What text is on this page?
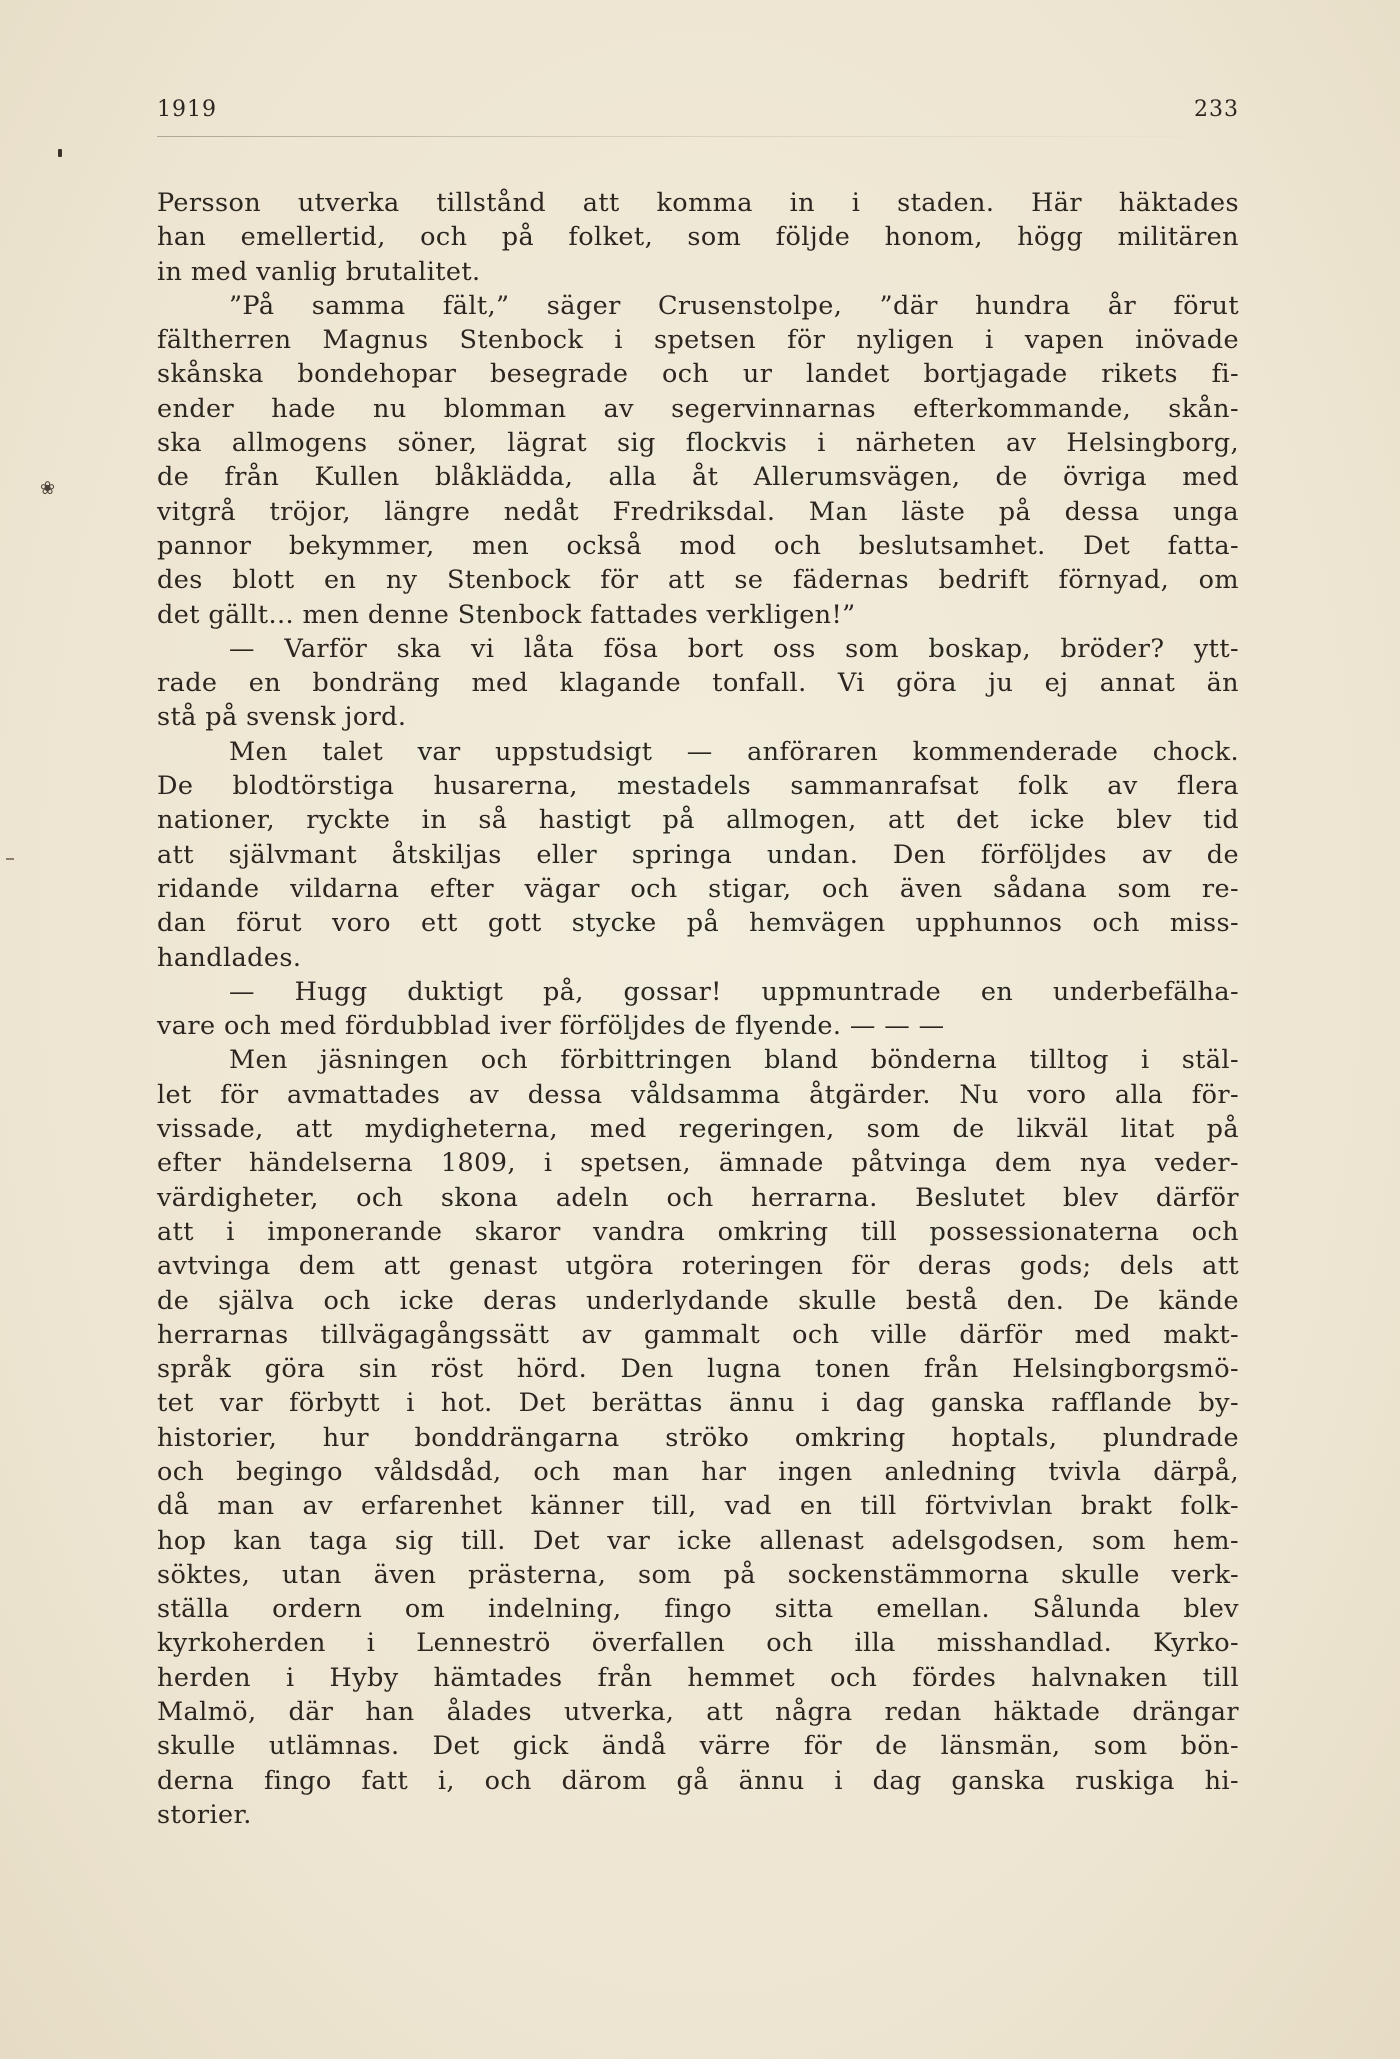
1919	233
❀
Persson utverka tillstånd att komma in i staden. Här häktades
han emellertid, och på folket, som följde honom, högg militären
in med vanlig brutalitet.
”På samma fält,” säger Crusenstolpe, ”där hundra år förut
fältherren Magnus Stenbock i spetsen för nyligen i vapen inövade
skånska bondehopar besegrade och ur landet bortjagade rikets fi-
ender hade nu blomman av segervinnarnas efterkommande, skån-
ska allmogens söner, lägrat sig flockvis i närheten av Helsingborg,
de från Kullen blåklädda, alla åt Allerumsvägen, de övriga med
vitgrå tröjor, längre nedåt Fredriksdal. Man läste på dessa unga
pannor bekymmer, men också mod och beslutsamhet. Det fatta-
des blott en ny Stenbock för att se fädernas bedrift förnyad, om
det gällt... men denne Stenbock fattades verkligen!”
— Varför ska vi låta fösa bort oss som boskap, bröder? ytt-
rade en bondräng med klagande tonfall. Vi göra ju ej annat än
stå på svensk jord.
Men talet var uppstudsigt — anföraren kommenderade chock.
De blodtörstiga husarerna, mestadels sammanrafsat folk av flera
nationer, ryckte in så hastigt på allmogen, att det icke blev tid
att självmant åtskiljas eller springa undan. Den förföljdes av de
ridande vildarna efter vägar och stigar, och även sådana som re-
dan förut voro ett gott stycke på hemvägen upphunnos och miss-
handlades.
— Hugg duktigt på, gossar! uppmuntrade en underbefälha-
vare och med fördubblad iver förföljdes de flyende. — — —
Men jäsningen och förbittringen bland bönderna tilltog i stäl-
let för avmattades av dessa våldsamma åtgärder. Nu voro alla för-
vissade, att mydigheterna, med regeringen, som de likväl litat på
efter händelserna 1809, i spetsen, ämnade påtvinga dem nya veder-
värdigheter, och skona adeln och herrarna. Beslutet blev därför
att i imponerande skaror vandra omkring till possessionaterna och
avtvinga dem att genast utgöra roteringen för deras gods; dels att
de själva och icke deras underlydande skulle bestå den. De kände
herrarnas tillvägagångssätt av gammalt och ville därför med makt-
språk göra sin röst hörd. Den lugna tonen från Helsingborgsmö-
tet var förbytt i hot. Det berättas ännu i dag ganska rafflande by-
historier, hur bonddrängarna ströko omkring hoptals, plundrade
och begingo våldsdåd, och man har ingen anledning tvivla därpå,
då man av erfarenhet känner till, vad en till förtvivlan brakt folk-
hop kan taga sig till. Det var icke allenast adelsgodsen, som hem-
söktes, utan även prästerna, som på sockenstämmorna skulle verk-
ställa ordern om indelning, fingo sitta emellan. Sålunda blev
kyrkoherden i Lenneströ överfallen och illa misshandlad. Kyrko-
herden i Hyby hämtades från hemmet och fördes halvnaken till
Malmö, där han ålades utverka, att några redan häktade drängar
skulle utlämnas. Det gick ändå värre för de länsmän, som bön-
derna fingo fatt i, och därom gå ännu i dag ganska ruskiga hi-
storier.
